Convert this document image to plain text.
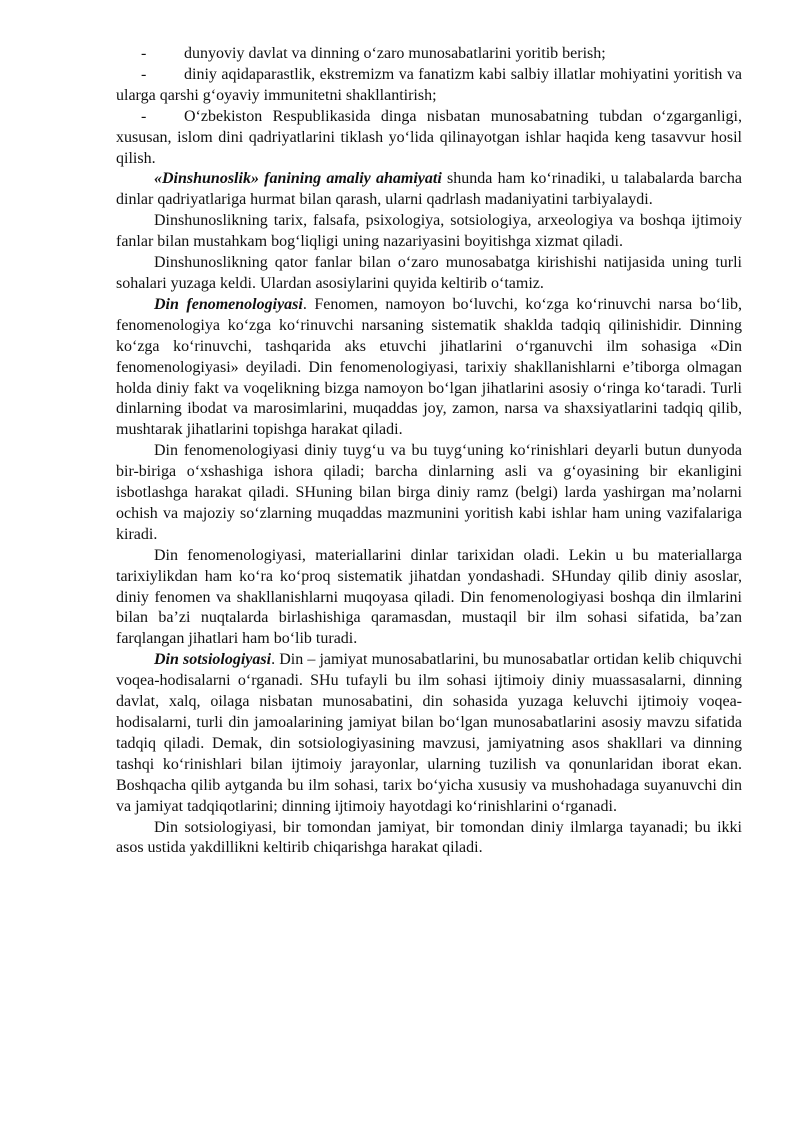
- dunyoviy davlat va dinning o‘zaro munosabatlarini yoritib berish;

- diniy aqidaparastlik, ekstremizm va fanatizm kabi salbiy illatlar mohiyatini yoritish va ularga qarshi g‘oyaviy immunitetni shakllantirish;

- O‘zbekiston Respublikasida dinga nisbatan munosabatning tubdan o‘zgarganligi, xususan, islom dini qadriyatlarini tiklash yo‘lida qilinayotgan ishlar haqida keng tasavvur hosil qilish.

«Dinshunoslik» fanining amaliy ahamiyati shunda ham ko‘rinadiki, u talabalarda barcha dinlar qadriyatlariga hurmat bilan qarash, ularni qadrlash madaniyatini tarbiyalaydi.

Dinshunoslikning tarix, falsafa, psixologiya, sotsiologiya, arxeologiya va boshqa ijtimoiy fanlar bilan mustahkam bog‘liqligi uning nazariyasini boyitishga xizmat qiladi.

Dinshunoslikning qator fanlar bilan o‘zaro munosabatga kirishishi natijasida uning turli sohalari yuzaga keldi. Ulardan asosiylarini quyida keltirib o‘tamiz.

Din fenomenologiyasi. Fenomen, namoyon bo‘luvchi, ko‘zga ko‘rinuvchi narsa bo‘lib, fenomenologiya ko‘zga ko‘rinuvchi narsaning sistematik shaklda tadqiq qilinishidir. Dinning ko‘zga ko‘rinuvchi, tashqarida aks etuvchi jihatlarini o‘rganuvchi ilm sohasiga «Din fenomenologiyasi» deyiladi. Din fenomenologiyasi, tarixiy shakllanishlarni e’tiborga olmagan holda diniy fakt va voqelikning bizga namoyon bo‘lgan jihatlarini asosiy o‘ringa ko‘taradi. Turli dinlarning ibodat va marosimlarini, muqaddas joy, zamon, narsa va shaxsiyatlarini tadqiq qilib, mushtarak jihatlarini topishga harakat qiladi.

Din fenomenologiyasi diniy tuyg‘u va bu tuyg‘uning ko‘rinishlari deyarli butun dunyoda bir-biriga o‘xshashiga ishora qiladi; barcha dinlarning asli va g‘oyasining bir ekanligini isbotlashga harakat qiladi. SHuning bilan birga diniy ramz (belgi) larda yashirgan ma’nolarni ochish va majoziy so‘zlarning muqaddas mazmunini yoritish kabi ishlar ham uning vazifalariga kiradi.

Din fenomenologiyasi, materiallarini dinlar tarixidan oladi. Lekin u bu materiallarga tarixiylikdan ham ko‘ra ko‘proq sistematik jihatdan yondashadi. SHunday qilib diniy asoslar, diniy fenomen va shakllanishlarni muqoyasa qiladi. Din fenomenologiyasi boshqa din ilmlarini bilan ba’zi nuqtalarda birlashishiga qaramasdan, mustaqil bir ilm sohasi sifatida, ba’zan farqlangan jihatlari ham bo‘lib turadi.

Din sotsiologiyasi. Din – jamiyat munosabatlarini, bu munosabatlar ortidan kelib chiquvchi voqea-hodisalarni o‘rganadi. SHu tufayli bu ilm sohasi ijtimoiy diniy muassasalarni, dinning davlat, xalq, oilaga nisbatan munosabatini, din sohasida yuzaga keluvchi ijtimoiy voqea-hodisalarni, turli din jamoalarining jamiyat bilan bo‘lgan munosabatlarini asosiy mavzu sifatida tadqiq qiladi. Demak, din sotsiologiyasining mavzusi, jamiyatning asos shakllari va dinning tashqi ko‘rinishlari bilan ijtimoiy jarayonlar, ularning tuzilish va qonunlaridan iborat ekan. Boshqacha qilib aytganda bu ilm sohasi, tarix bo‘yicha xususiy va mushohadaga suyanuvchi din va jamiyat tadqiqotlarini; dinning ijtimoiy hayotdagi ko‘rinishlarini o‘rganadi.

Din sotsiologiyasi, bir tomondan jamiyat, bir tomondan diniy ilmlarga tayanadi; bu ikki asos ustida yakdillikni keltirib chiqarishga harakat qiladi.
